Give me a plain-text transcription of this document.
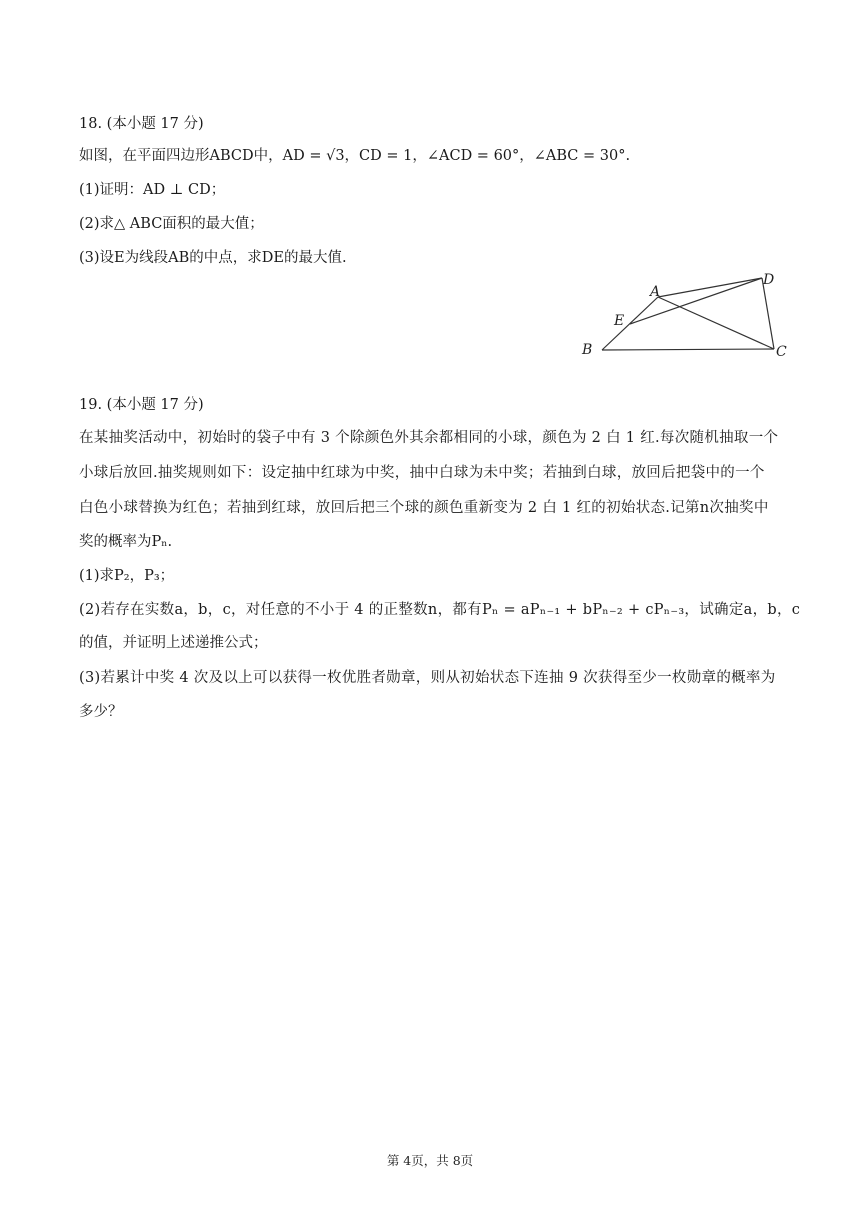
18. (本小题 17 分)
如图，在平面四边形ABCD中，AD = √3，CD = 1，∠ACD = 60°，∠ABC = 30°.
(1)证明：AD ⊥ CD；
(2)求△ ABC面积的最大值；
(3)设E为线段AB的中点，求DE的最大值.
A
D
E
B	C
19. (本小题 17 分)
在某抽奖活动中，初始时的袋子中有 3 个除颜色外其余都相同的小球，颜色为 2 白 1 红.每次随机抽取一个
小球后放回.抽奖规则如下：设定抽中红球为中奖，抽中白球为未中奖；若抽到白球，放回后把袋中的一个
白色小球替换为红色；若抽到红球，放回后把三个球的颜色重新变为 2 白 1 红的初始状态.记第n次抽奖中
奖的概率为Pₙ.
(1)求P₂，P₃；
(2)若存在实数a，b，c，对任意的不小于 4 的正整数n，都有Pₙ = aPₙ₋₁ + bPₙ₋₂ + cPₙ₋₃，试确定a，b，c
的值，并证明上述递推公式；
(3)若累计中奖 4 次及以上可以获得一枚优胜者勋章，则从初始状态下连抽 9 次获得至少一枚勋章的概率为
多少？
第 4页，共 8页
